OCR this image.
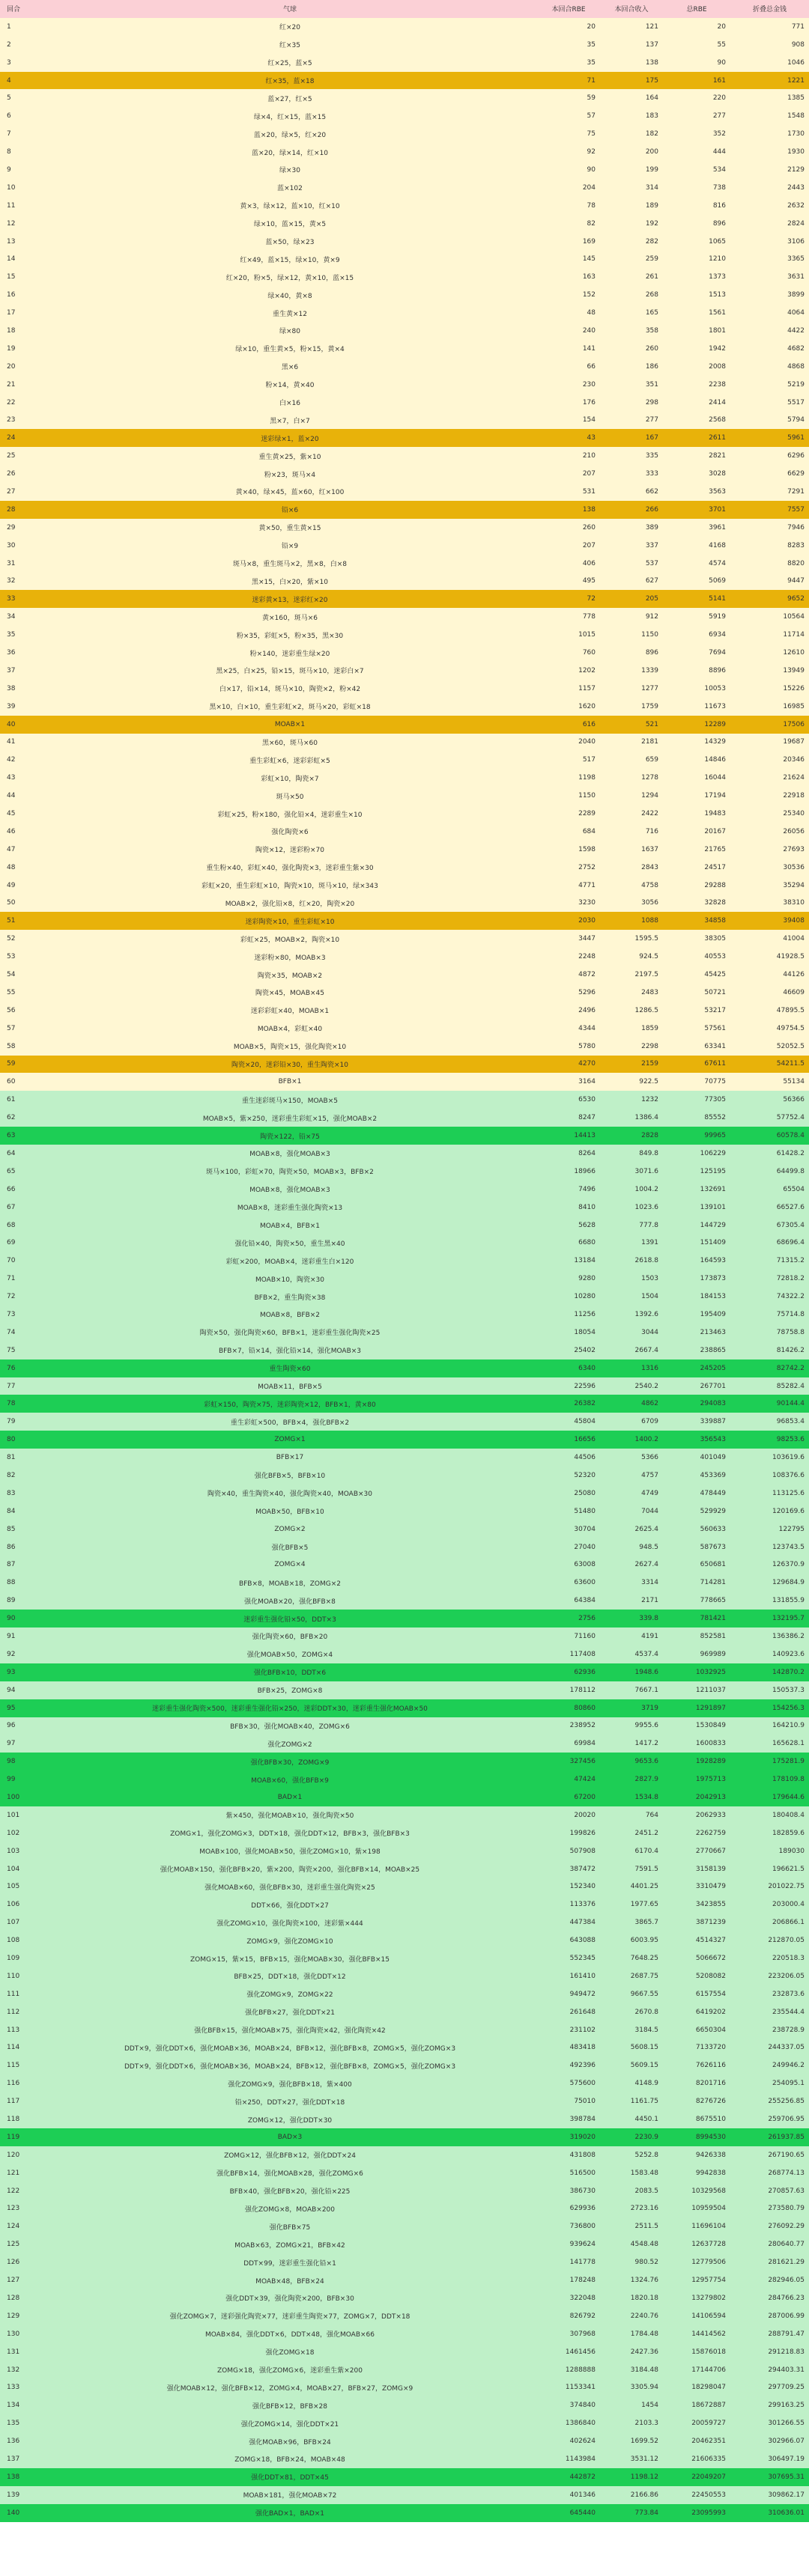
回合	气球	本回合RBE	本回合收入	总RBE	折叠总金钱
1	红×20	20	121	20	771
2	红×35	35	137	55	908
3	红×25，蓝×5	35	138	90	1046
4	红×35，蓝×18	71	175	161	1221
5	蓝×27，红×5	59	164	220	1385
6	绿×4，红×15，蓝×15	57	183	277	1548
7	蓝×20，绿×5，红×20	75	182	352	1730
8	蓝×20，绿×14，红×10	92	200	444	1930
9	绿×30	90	199	534	2129
10	蓝×102	204	314	738	2443
11	黄×3，绿×12，蓝×10，红×10	78	189	816	2632
12	绿×10，蓝×15，黄×5	82	192	896	2824
13	蓝×50，绿×23	169	282	1065	3106
14	红×49，蓝×15，绿×10，黄×9	145	259	1210	3365
15	红×20，粉×5，绿×12，黄×10，蓝×15	163	261	1373	3631
16	绿×40，黄×8	152	268	1513	3899
17	重生黄×12	48	165	1561	4064
18	绿×80	240	358	1801	4422
19	绿×10，重生黄×5，粉×15，黄×4	141	260	1942	4682
20	黑×6	66	186	2008	4868
21	粉×14，黄×40	230	351	2238	5219
22	白×16	176	298	2414	5517
23	黑×7，白×7	154	277	2568	5794
24	迷彩绿×1，蓝×20	43	167	2611	5961
25	重生黄×25，紫×10	210	335	2821	6296
26	粉×23，斑马×4	207	333	3028	6629
27	黄×40，绿×45，蓝×60，红×100	531	662	3563	7291
28	铅×6	138	266	3701	7557
29	黄×50，重生黄×15	260	389	3961	7946
30	铅×9	207	337	4168	8283
31	斑马×8，重生斑马×2，黑×8，白×8	406	537	4574	8820
32	黑×15，白×20，紫×10	495	627	5069	9447
33	迷彩黄×13，迷彩红×20	72	205	5141	9652
34	黄×160，斑马×6	778	912	5919	10564
35	粉×35，彩虹×5，粉×35，黑×30	1015	1150	6934	11714
36	粉×140，迷彩重生绿×20	760	896	7694	12610
37	黑×25，白×25，铅×15，斑马×10，迷彩白×7	1202	1339	8896	13949
38	白×17，铅×14，斑马×10，陶瓷×2，粉×42	1157	1277	10053	15226
39	黑×10，白×10，重生彩虹×2，斑马×20，彩虹×18	1620	1759	11673	16985
40	MOAB×1	616	521	12289	17506
41	黑×60，斑马×60	2040	2181	14329	19687
42	重生彩虹×6，迷彩彩虹×5	517	659	14846	20346
43	彩虹×10，陶瓷×7	1198	1278	16044	21624
44	斑马×50	1150	1294	17194	22918
45	彩虹×25，粉×180，强化铅×4，迷彩重生×10	2289	2422	19483	25340
46	强化陶瓷×6	684	716	20167	26056
47	陶瓷×12，迷彩粉×70	1598	1637	21765	27693
48	重生粉×40，彩虹×40，强化陶瓷×3，迷彩重生紫×30	2752	2843	24517	30536
49	彩虹×20，重生彩虹×10，陶瓷×10，斑马×10，绿×343	4771	4758	29288	35294
50	MOAB×2，强化铅×8，红×20，陶瓷×20	3230	3056	32828	38310
51	迷彩陶瓷×10，重生彩虹×10	2030	1088	34858	39408
52	彩虹×25，MOAB×2，陶瓷×10	3447	1595.5	38305	41004
53	迷彩粉×80，MOAB×3	2248	924.5	40553	41928.5
54	陶瓷×35，MOAB×2	4872	2197.5	45425	44126
55	陶瓷×45，MOAB×45	5296	2483	50721	46609
56	迷彩彩虹×40，MOAB×1	2496	1286.5	53217	47895.5
57	MOAB×4，彩虹×40	4344	1859	57561	49754.5
58	MOAB×5，陶瓷×15，强化陶瓷×10	5780	2298	63341	52052.5
59	陶瓷×20，迷彩铅×30，重生陶瓷×10	4270	2159	67611	54211.5
60	BFB×1	3164	922.5	70775	55134
61	重生迷彩斑马×150，MOAB×5	6530	1232	77305	56366
62	MOAB×5，紫×250，迷彩重生彩虹×15，强化MOAB×2	8247	1386.4	85552	57752.4
63	陶瓷×122，铅×75	14413	2828	99965	60578.4
64	MOAB×8，强化MOAB×3	8264	849.8	106229	61428.2
65	斑马×100，彩虹×70，陶瓷×50，MOAB×3，BFB×2	18966	3071.6	125195	64499.8
66	MOAB×8，强化MOAB×3	7496	1004.2	132691	65504
67	MOAB×8，迷彩重生强化陶瓷×13	8410	1023.6	139101	66527.6
68	MOAB×4，BFB×1	5628	777.8	144729	67305.4
69	强化铅×40，陶瓷×50，重生黑×40	6680	1391	151409	68696.4
70	彩虹×200，MOAB×4，迷彩重生白×120	13184	2618.8	164593	71315.2
71	MOAB×10，陶瓷×30	9280	1503	173873	72818.2
72	BFB×2，重生陶瓷×38	10280	1504	184153	74322.2
73	MOAB×8，BFB×2	11256	1392.6	195409	75714.8
74	陶瓷×50，强化陶瓷×60，BFB×1，迷彩重生强化陶瓷×25	18054	3044	213463	78758.8
75	BFB×7，铅×14，强化铅×14，强化MOAB×3	25402	2667.4	238865	81426.2
76	重生陶瓷×60	6340	1316	245205	82742.2
77	MOAB×11，BFB×5	22596	2540.2	267701	85282.4
78	彩虹×150，陶瓷×75，迷彩陶瓷×12，BFB×1，黄×80	26382	4862	294083	90144.4
79	重生彩虹×500，BFB×4，强化BFB×2	45804	6709	339887	96853.4
80	ZOMG×1	16656	1400.2	356543	98253.6
81	BFB×17	44506	5366	401049	103619.6
82	强化BFB×5，BFB×10	52320	4757	453369	108376.6
83	陶瓷×40，重生陶瓷×40，强化陶瓷×40，MOAB×30	25080	4749	478449	113125.6
84	MOAB×50，BFB×10	51480	7044	529929	120169.6
85	ZOMG×2	30704	2625.4	560633	122795
86	强化BFB×5	27040	948.5	587673	123743.5
87	ZOMG×4	63008	2627.4	650681	126370.9
88	BFB×8，MOAB×18，ZOMG×2	63600	3314	714281	129684.9
89	强化MOAB×20，强化BFB×8	64384	2171	778665	131855.9
90	迷彩重生强化铅×50，DDT×3	2756	339.8	781421	132195.7
91	强化陶瓷×60，BFB×20	71160	4191	852581	136386.2
92	强化MOAB×50，ZOMG×4	117408	4537.4	969989	140923.6
93	强化BFB×10，DDT×6	62936	1948.6	1032925	142870.2
94	BFB×25，ZOMG×8	178112	7667.1	1211037	150537.3
95	迷彩重生强化陶瓷×500，迷彩重生强化铅×250，迷彩DDT×30，迷彩重生强化MOAB×50	80860	3719	1291897	154256.3
96	BFB×30，强化MOAB×40，ZOMG×6	238952	9955.6	1530849	164210.9
97	强化ZOMG×2	69984	1417.2	1600833	165628.1
98	强化BFB×30，ZOMG×9	327456	9653.6	1928289	175281.9
99	MOAB×60，强化BFB×9	47424	2827.9	1975713	178109.8
100	BAD×1	67200	1534.8	2042913	179644.6
101	紫×450，强化MOAB×10，强化陶瓷×50	20020	764	2062933	180408.4
102	ZOMG×1，强化ZOMG×3，DDT×18，强化DDT×12，BFB×3，强化BFB×3	199826	2451.2	2262759	182859.6
103	MOAB×100，强化MOAB×50，强化ZOMG×10，紫×198	507908	6170.4	2770667	189030
104	强化MOAB×150，强化BFB×20，紫×200，陶瓷×200，强化BFB×14，MOAB×25	387472	7591.5	3158139	196621.5
105	强化MOAB×60，强化BFB×30，迷彩重生强化陶瓷×25	152340	4401.25	3310479	201022.75
106	DDT×66，强化DDT×27	113376	1977.65	3423855	203000.4
107	强化ZOMG×10，强化陶瓷×100，迷彩紫×444	447384	3865.7	3871239	206866.1
108	ZOMG×9，强化ZOMG×10	643088	6003.95	4514327	212870.05
109	ZOMG×15，紫×15，BFB×15，强化MOAB×30，强化BFB×15	552345	7648.25	5066672	220518.3
110	BFB×25，DDT×18，强化DDT×12	161410	2687.75	5208082	223206.05
111	强化ZOMG×9，ZOMG×22	949472	9667.55	6157554	232873.6
112	强化BFB×27，强化DDT×21	261648	2670.8	6419202	235544.4
113	强化BFB×15，强化MOAB×75，强化陶瓷×42，强化陶瓷×42	231102	3184.5	6650304	238728.9
114	DDT×9，强化DDT×6，强化MOAB×36，MOAB×24，BFB×12，强化BFB×8，ZOMG×5，强化ZOMG×3	483418	5608.15	7133720	244337.05
115	DDT×9，强化DDT×6，强化MOAB×36，MOAB×24，BFB×12，强化BFB×8，ZOMG×5，强化ZOMG×3	492396	5609.15	7626116	249946.2
116	强化ZOMG×9，强化BFB×18，紫×400	575600	4148.9	8201716	254095.1
117	铅×250，DDT×27，强化DDT×18	75010	1161.75	8276726	255256.85
118	ZOMG×12，强化DDT×30	398784	4450.1	8675510	259706.95
119	BAD×3	319020	2230.9	8994530	261937.85
120	ZOMG×12，强化BFB×12，强化DDT×24	431808	5252.8	9426338	267190.65
121	强化BFB×14，强化MOAB×28，强化ZOMG×6	516500	1583.48	9942838	268774.13
122	BFB×40，强化BFB×20，强化铅×225	386730	2083.5	10329568	270857.63
123	强化ZOMG×8，MOAB×200	629936	2723.16	10959504	273580.79
124	强化BFB×75	736800	2511.5	11696104	276092.29
125	MOAB×63，ZOMG×21，BFB×42	939624	4548.48	12637728	280640.77
126	DDT×99，迷彩重生强化铅×1	141778	980.52	12779506	281621.29
127	MOAB×48，BFB×24	178248	1324.76	12957754	282946.05
128	强化DDT×39，强化陶瓷×200，BFB×30	322048	1820.18	13279802	284766.23
129	强化ZOMG×7，迷彩强化陶瓷×77，迷彩重生陶瓷×77，ZOMG×7，DDT×18	826792	2240.76	14106594	287006.99
130	MOAB×84，强化DDT×6，DDT×48，强化MOAB×66	307968	1784.48	14414562	288791.47
131	强化ZOMG×18	1461456	2427.36	15876018	291218.83
132	ZOMG×18，强化ZOMG×6，迷彩重生紫×200	1288888	3184.48	17144706	294403.31
133	强化MOAB×12，强化BFB×12，ZOMG×4，MOAB×27，BFB×27，ZOMG×9	1153341	3305.94	18298047	297709.25
134	强化BFB×12，BFB×28	374840	1454	18672887	299163.25
135	强化ZOMG×14，强化DDT×21	1386840	2103.3	20059727	301266.55
136	强化MOAB×96，BFB×24	402624	1699.52	20462351	302966.07
137	ZOMG×18，BFB×24，MOAB×48	1143984	3531.12	21606335	306497.19
138	强化DDT×81，DDT×45	442872	1198.12	22049207	307695.31
139	MOAB×181，强化MOAB×72	401346	2166.86	22450553	309862.17
140	强化BAD×1，BAD×1	645440	773.84	23095993	310636.01
